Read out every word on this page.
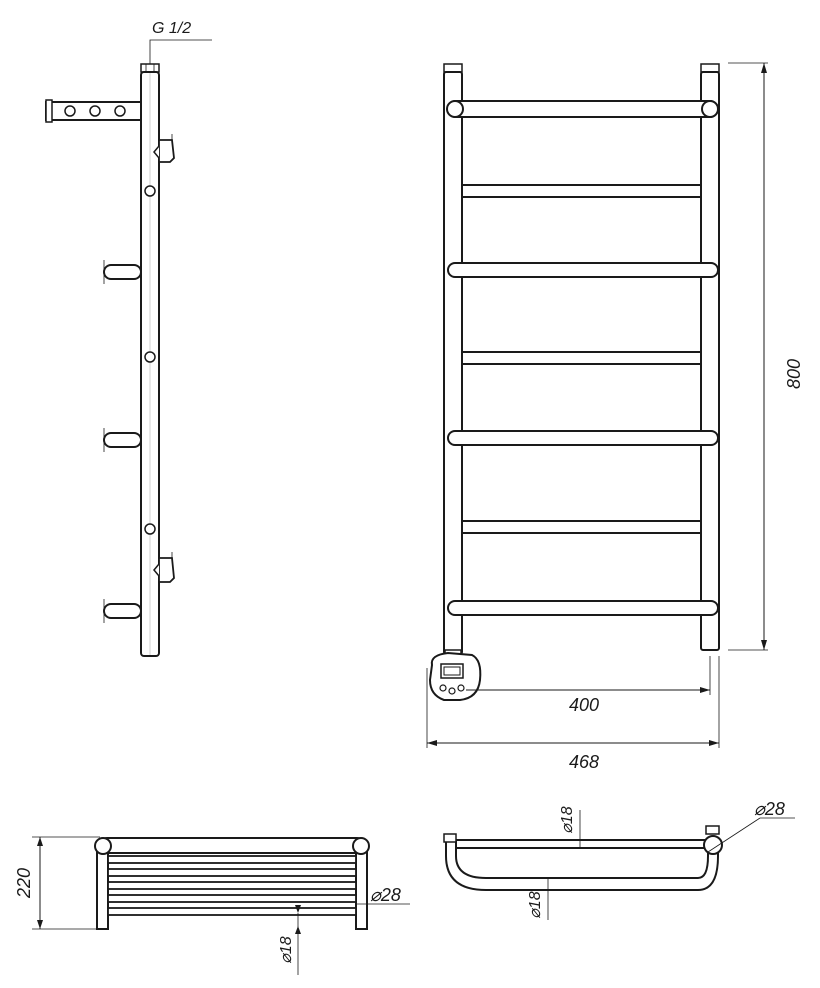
G 1/2
800
400
468
220	⌀28
⌀18
⌀18
⌀18
⌀28
